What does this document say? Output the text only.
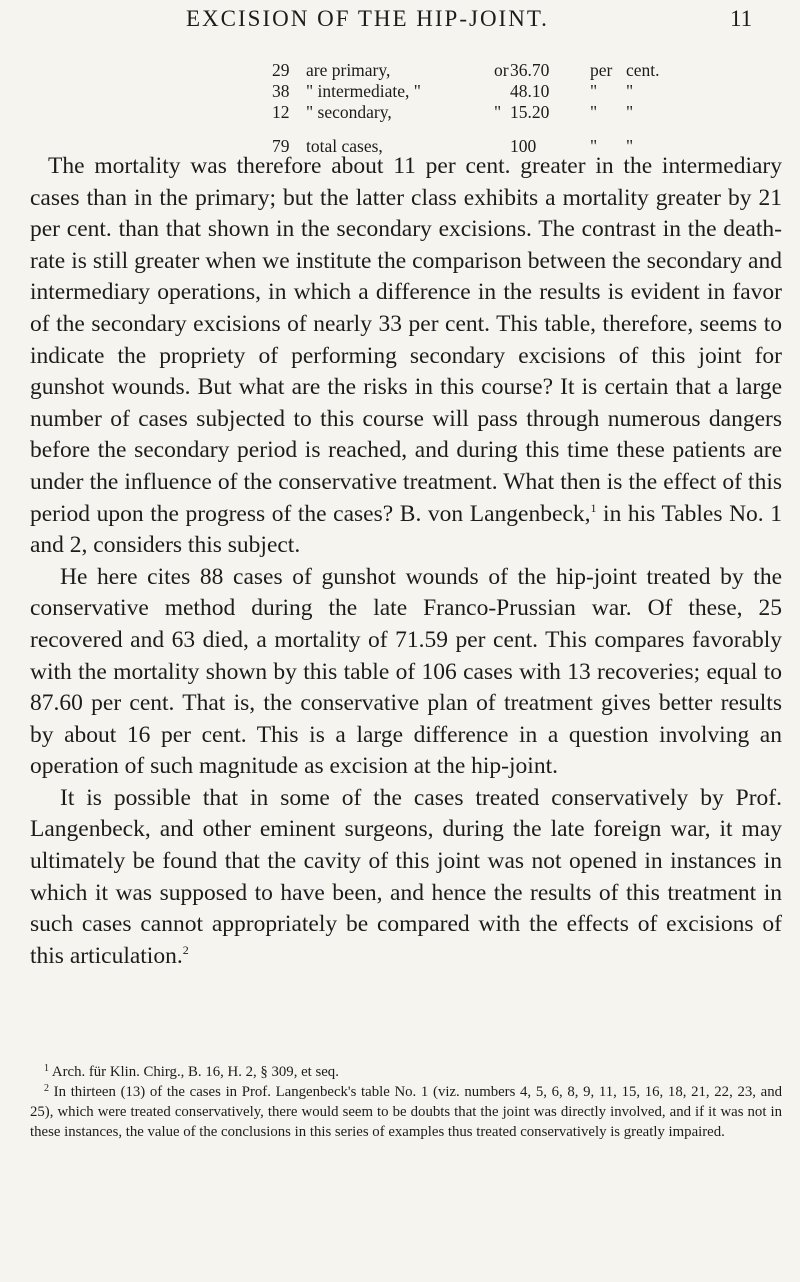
EXCISION OF THE HIP-JOINT.	11
29 are primary,	or 36.70 per cent.
38 " intermediate, "	48.10 " "
12 " secondary,	" 15.20 " "
79 total cases,	100	" "

The mortality was therefore about 11 per cent. greater in the intermediary cases than in the primary; but the latter class exhibits a mortality greater by 21 per cent. than that shown in the secondary excisions. The contrast in the death-rate is still greater when we institute the comparison between the secondary and intermediary operations, in which a difference in the results is evident in favor of the secondary excisions of nearly 33 per cent. This table, therefore, seems to indicate the propriety of performing secondary excisions of this joint for gunshot wounds. But what are the risks in this course? It is certain that a large number of cases subjected to this course will pass through numerous dangers before the secondary period is reached, and during this time these patients are under the influence of the conservative treatment. What then is the effect of this period upon the progress of the cases? B. von Langenbeck,$^1$ in his Tables No. 1 and 2, considers this subject.

He here cites 88 cases of gunshot wounds of the hip-joint treated by the conservative method during the late Franco-Prussian war. Of these, 25 recovered and 63 died, a mortality of 71.59 per cent. This compares favorably with the mortality shown by this table of 106 cases with 13 recoveries; equal to 87.60 per cent. That is, the conservative plan of treatment gives better results by about 16 per cent. This is a large difference in a question involving an operation of such magnitude as excision at the hip-joint.

It is possible that in some of the cases treated conservatively by Prof. Langenbeck, and other eminent surgeons, during the late foreign war, it may ultimately be found that the cavity of this joint was not opened in instances in which it was supposed to have been, and hence the results of this treatment in such cases cannot appropriately be compared with the effects of excisions of this articulation.$^2$

$^1$ Arch. für Klin. Chirg., B. 16, H. 2, § 309, et seq.

$^2$ In thirteen (13) of the cases in Prof. Langenbeck's table No. 1 (viz. numbers 4, 5, 6, 8, 9, 11, 15, 16, 18, 21, 22, 23, and 25), which were treated conservatively, there would seem to be doubts that the joint was directly involved, and if it was not in these instances, the value of the conclusions in this series of examples thus treated conservatively is greatly impaired.
